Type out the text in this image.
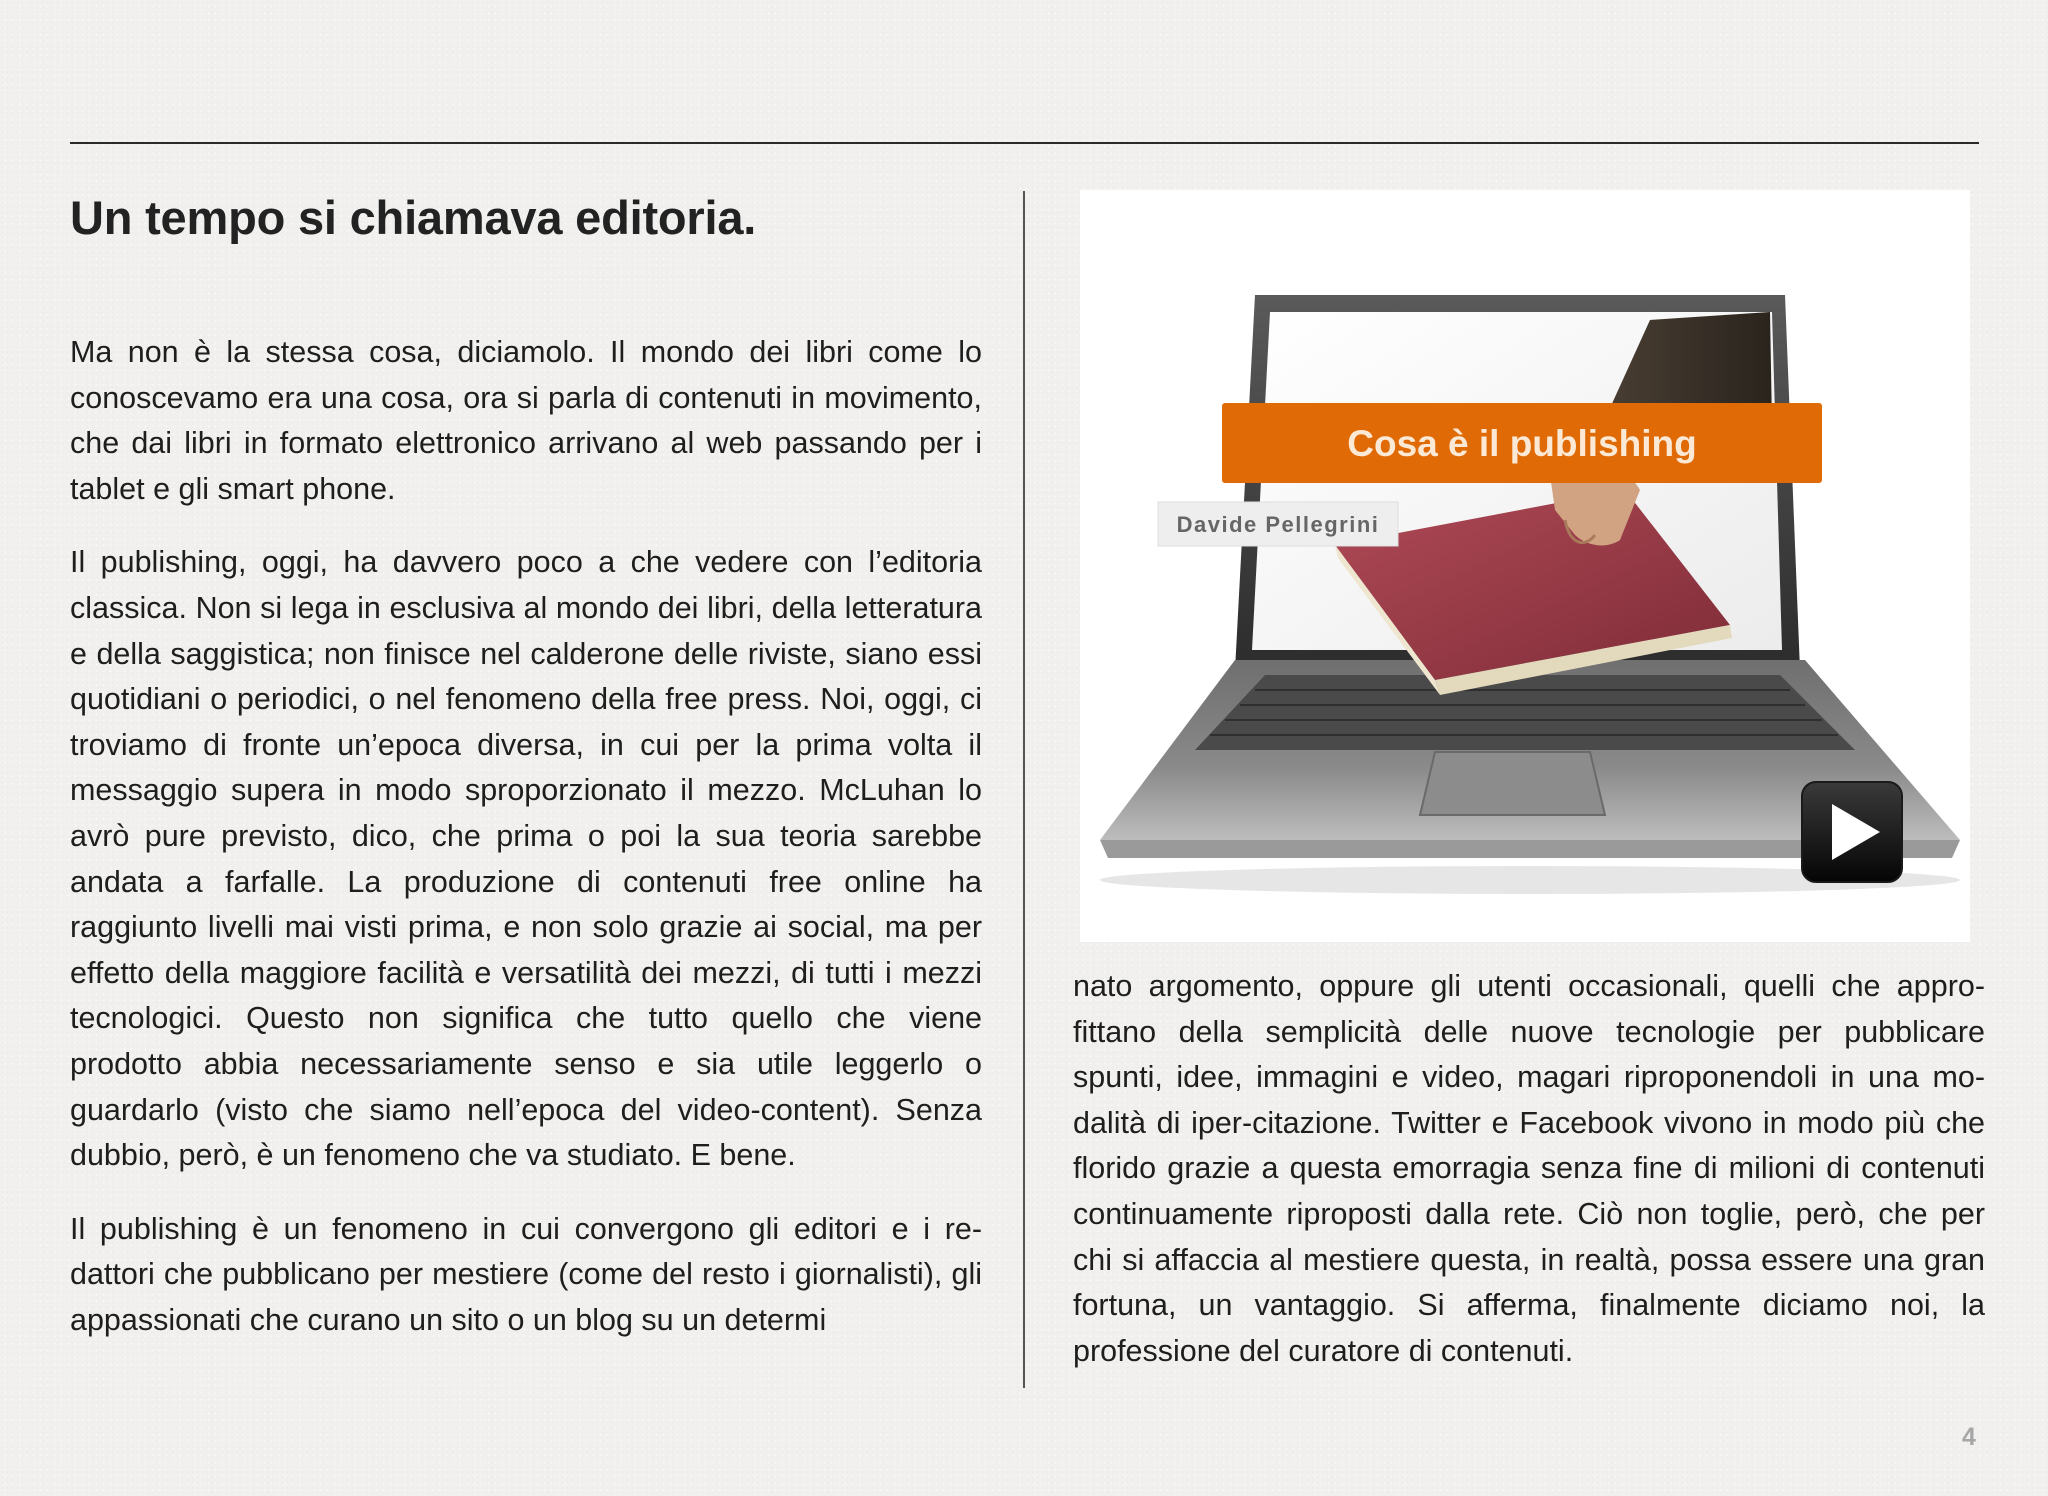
Un tempo si chiamava editoria.

Ma non è la stessa cosa, diciamolo. Il mondo dei libri come lo conoscevamo era una cosa, ora si parla di contenuti in movimento, che dai libri in formato elettronico arrivano al web passando per i tablet e gli smart phone.

Il publishing, oggi, ha davvero poco a che vedere con l’editoria classica. Non si lega in esclusiva al mondo dei libri, della letteratura e della saggistica; non finisce nel calderone delle riviste, siano essi quotidiani o periodici, o nel fenomeno della free press. Noi, oggi, ci troviamo di fronte un’epoca diversa, in cui per la prima volta il messaggio supera in modo sproporzionato il mezzo. McLuhan lo avrò pure previsto, dico, che prima o poi la sua teoria sarebbe andata a farfalle. La produzione di contenuti free online ha raggiunto livelli mai visti prima, e non solo grazie ai social, ma per effetto della maggiore facilità e versatilità dei mezzi, di tutti i mezzi tecnologici. Questo non significa che tutto quello che viene prodotto abbia necessariamente senso e sia utile leggerlo o guardarlo (visto che siamo nell’epoca del video-content). Senza dubbio, però, è un fenomeno che va studiato. E bene.

Il publishing è un fenomeno in cui convergono gli editori e i redattori che pubblicano per mestiere (come del resto i giornalisti), gli appassionati che curano un sito o un blog su un determi

Cosa è il publishing
Davide Pellegrini

nato argomento, oppure gli utenti occasionali, quelli che approfittano della semplicità delle nuove tecnologie per pubblicare spunti, idee, immagini e video, magari riproponendoli in una modalità di iper-citazione. Twitter e Facebook vivono in modo più che florido grazie a questa emorragia senza fine di milioni di contenuti continuamente riproposti dalla rete. Ciò non toglie, però, che per chi si affaccia al mestiere questa, in realtà, possa essere una gran fortuna, un vantaggio. Si afferma, finalmente diciamo noi, la professione del curatore di contenuti.

4
